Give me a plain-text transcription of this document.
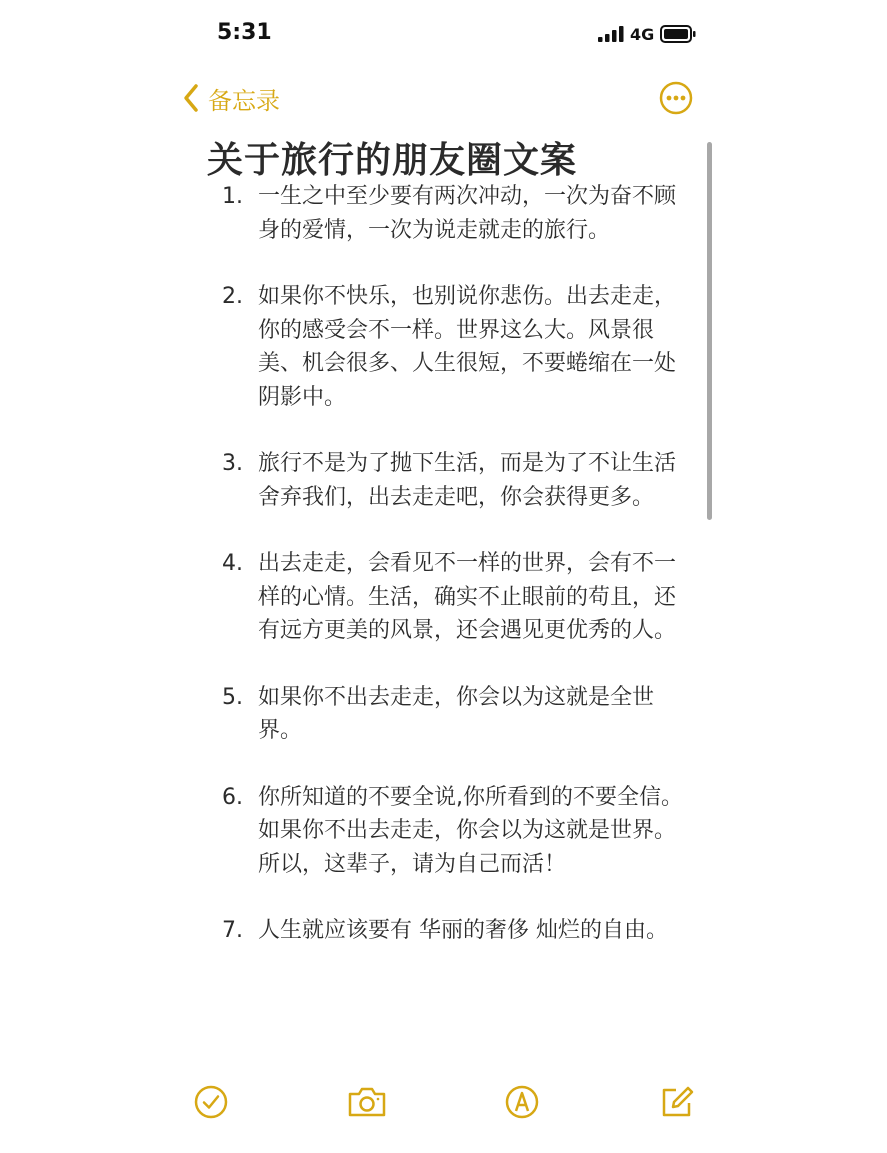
5:31	4G
备忘录
关于旅行的朋友圈文案
1. 一生之中至少要有两次冲动，一次为奋不顾身的爱情，一次为说走就走的旅行。
2. 如果你不快乐，也别说你悲伤。出去走走，你的感受会不一样。世界这么大。风景很美、机会很多、人生很短，不要蜷缩在一处阴影中。
3. 旅行不是为了抛下生活，而是为了不让生活舍弃我们，出去走走吧，你会获得更多。
4. 出去走走，会看见不一样的世界，会有不一样的心情。生活，确实不止眼前的苟且，还有远方更美的风景，还会遇见更优秀的人。
5. 如果你不出去走走，你会以为这就是全世界。
6. 你所知道的不要全说,你所看到的不要全信。如果你不出去走走，你会以为这就是世界。所以，这辈子，请为自己而活！
7. 人生就应该要有 华丽的奢侈 灿烂的自由。
